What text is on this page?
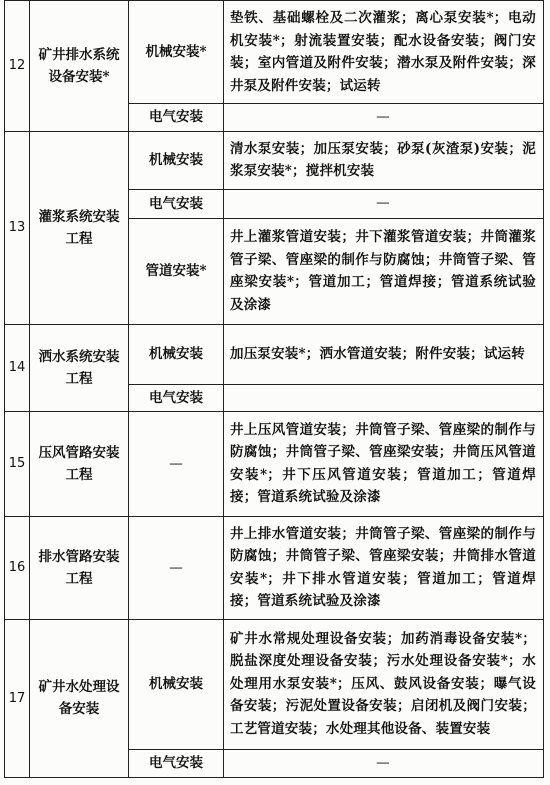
12	矿井排水系统设备安装*	机械安装*	垫铁、基础螺栓及二次灌浆；离心泵安装*；电动机安装*；射流装置安装；配水设备安装；阀门安装；室内管道及附件安装；潜水泵及附件安装；深井泵及附件安装；试运转
		电气安装	—
13	灌浆系统安装工程	机械安装	清水泵安装；加压泵安装；砂泵(灰渣泵)安装；泥浆泵安装*；搅拌机安装
		电气安装	—
		管道安装*	井上灌浆管道安装；井下灌浆管道安装；井筒灌浆管子梁、管座梁的制作与防腐蚀；井筒管子梁、管座梁安装*；管道加工；管道焊接；管道系统试验及涂漆
14	洒水系统安装工程	机械安装	加压泵安装*；洒水管道安装；附件安装；试运转
		电气安装	
15	压风管路安装工程	—	井上压风管道安装；井筒管子梁、管座梁的制作与防腐蚀；井筒管子梁、管座梁安装；井筒压风管道安装*；井下压风管道安装；管道加工；管道焊接；管道系统试验及涂漆
16	排水管路安装工程	—	井上排水管道安装；井筒管子梁、管座梁的制作与防腐蚀；井筒管子梁、管座梁安装；井筒排水管道安装*；井下排水管道安装；管道加工；管道焊接；管道系统试验及涂漆
17	矿井水处理设备安装	机械安装	矿井水常规处理设备安装；加药消毒设备安装*；脱盐深度处理设备安装；污水处理设备安装*；水处理用水泵安装*；压风、鼓风设备安装；曝气设备安装；污泥处置设备安装；启闭机及阀门安装；工艺管道安装；水处理其他设备、装置安装
		电气安装	—
